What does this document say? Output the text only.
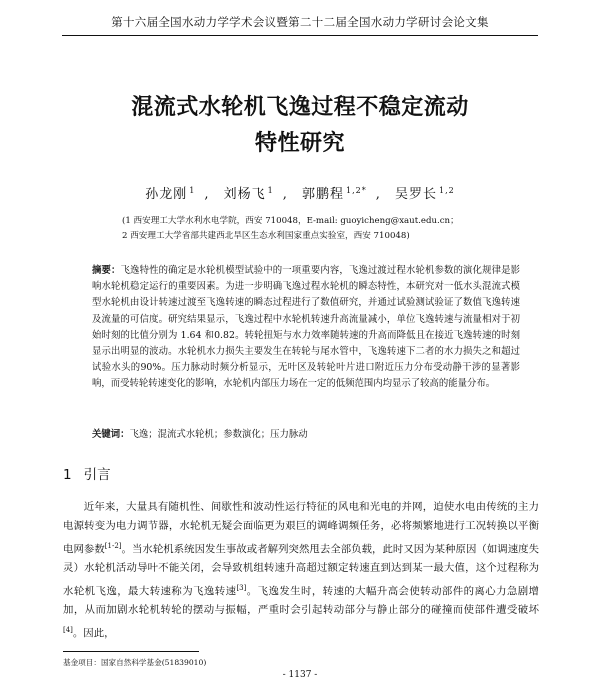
第十六届全国水动力学学术会议暨第二十二届全国水动力学研讨会论文集
混流式水轮机飞逸过程不稳定流动
特性研究
孙龙刚 $^1$ , 刘杨飞 $^1$ , 郭鹏程 $^{1,2*}$ , 吴罗长 $^{1,2}$
(1 西安理工大学水利水电学院，西安 710048，E-mail: guoyicheng@xaut.edu.cn；
2 西安理工大学省部共建西北旱区生态水利国家重点实验室，西安 710048)
摘要：飞逸特性的确定是水轮机模型试验中的一项重要内容，飞逸过渡过程水轮机参数的演化规律是影响水轮机稳定运行的重要因素。为进一步明确飞逸过程水轮机的瞬态特性，本研究对一低水头混流式模型水轮机由设计转速过渡至飞逸转速的瞬态过程进行了数值研究，并通过试验测试验证了数值飞逸转速及流量的可信度。研究结果显示，飞逸过程中水轮机转速升高流量减小，单位飞逸转速与流量相对于初始时刻的比值分别为 1.64 和0.82。转轮扭矩与水力效率随转速的升高而降低且在接近飞逸转速的时刻显示出明显的波动。水轮机水力损失主要发生在转轮与尾水管中，飞逸转速下二者的水力损失之和超过试验水头的90%。压力脉动时频分析显示，无叶区及转轮叶片进口附近压力分布受动静干涉的显著影响，而受转轮转速变化的影响，水轮机内部压力场在一定的低频范围内均显示了较高的能量分布。
关键词：飞逸；混流式水轮机；参数演化；压力脉动
1 引言
近年来，大量具有随机性、间歇性和波动性运行特征的风电和光电的并网，迫使水电由传统的主力电源转变为电力调节器，水轮机无疑会面临更为艰巨的调峰调频任务，必将频繁地进行工况转换以平衡电网参数[1-2]。当水轮机系统因发生事故或者解列突然甩去全部负载，此时又因为某种原因（如调速度失灵）水轮机活动导叶不能关闭，会导致机组转速升高超过额定转速直到达到某一最大值，这个过程称为水轮机飞逸，最大转速称为飞逸转速[3]。飞逸发生时，转速的大幅升高会使转动部件的离心力急剧增加，从而加剧水轮机转轮的摆动与振幅，严重时会引起转动部分与静止部分的碰撞而使部件遭受破坏[4]。因此，
基金项目：国家自然科学基金(51839010)
- 1137 -
